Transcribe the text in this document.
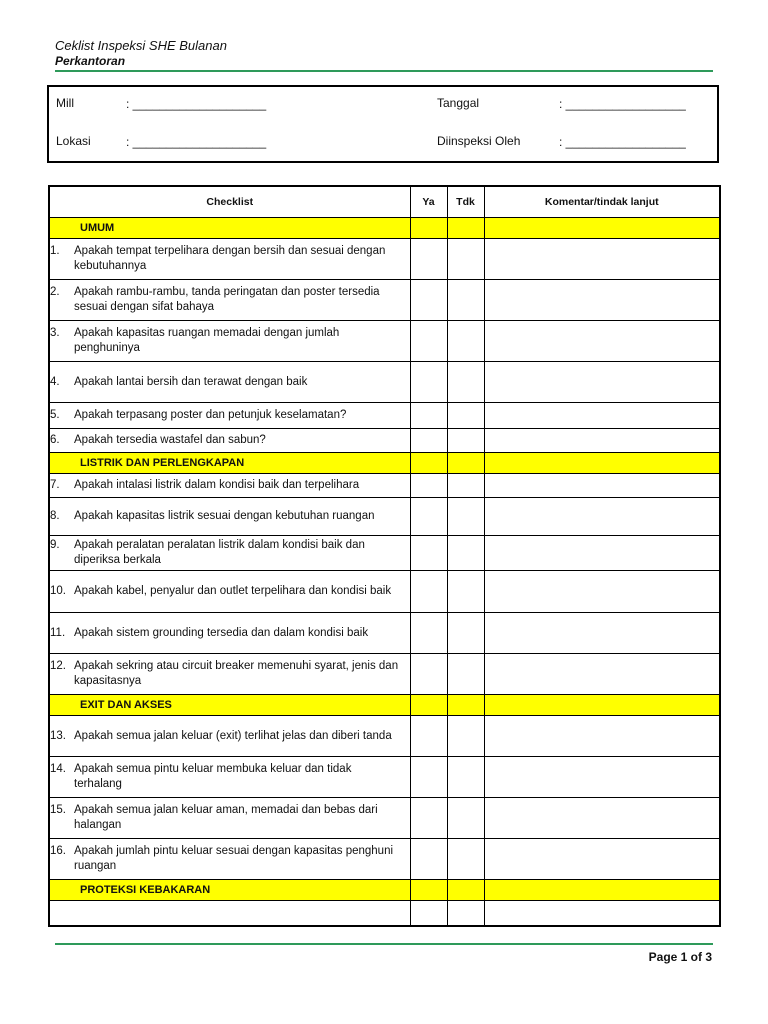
Ceklist Inspeksi SHE Bulanan
Perkantoran
Mill	: ____________________	Tanggal	: __________________
Lokasi	: ____________________	Diinspeksi Oleh	: __________________
Checklist	Ya	Tdk	Komentar/tindak lanjut
UMUM			
1. Apakah tempat terpelihara dengan bersih dan sesuai dengan kebutuhannya			
2. Apakah rambu-rambu, tanda peringatan dan poster tersedia sesuai dengan sifat bahaya			
3. Apakah kapasitas ruangan memadai dengan jumlah penghuninya			
4. Apakah lantai bersih dan terawat dengan baik			
5. Apakah terpasang poster dan petunjuk keselamatan?			
6. Apakah tersedia wastafel dan sabun?			
LISTRIK DAN PERLENGKAPAN			
7. Apakah intalasi listrik dalam kondisi baik dan terpelihara			
8. Apakah kapasitas listrik sesuai dengan kebutuhan ruangan			
9. Apakah peralatan peralatan listrik dalam kondisi baik dan diperiksa berkala			
10. Apakah kabel, penyalur dan outlet terpelihara dan kondisi baik			
11. Apakah sistem grounding tersedia dan dalam kondisi baik			
12. Apakah sekring atau circuit breaker memenuhi syarat, jenis dan kapasitasnya			
EXIT DAN AKSES			
13. Apakah semua jalan keluar (exit) terlihat jelas dan diberi tanda			
14. Apakah semua pintu keluar membuka keluar dan tidak terhalang			
15. Apakah semua jalan keluar aman, memadai dan bebas dari halangan			
16. Apakah jumlah pintu keluar sesuai dengan kapasitas penghuni ruangan			
PROTEKSI KEBAKARAN			

Page 1 of 3
